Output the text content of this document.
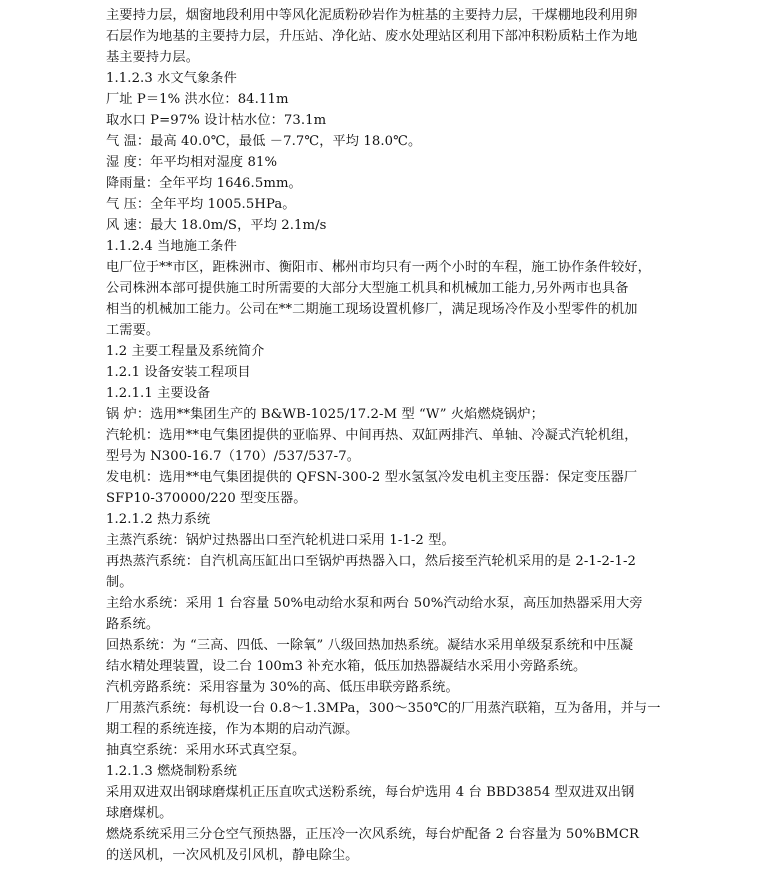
主要持力层，烟窗地段利用中等风化泥质粉砂岩作为桩基的主要持力层，干煤棚地段利用卵
石层作为地基的主要持力层，升压站、净化站、废水处理站区利用下部冲积粉质粘土作为地
基主要持力层。
1.1.2.3 水文气象条件
厂址 P＝1% 洪水位：84.11m
取水口 P=97% 设计枯水位：73.1m
气 温：最高 40.0℃，最低 －7.7℃，平均 18.0℃。
湿 度：年平均相对湿度 81%
降雨量：全年平均 1646.5mm。
气 压：全年平均 1005.5HPa。
风 速：最大 18.0m/S，平均 2.1m/s
1.1.2.4 当地施工条件
电厂位于**市区，距株洲市、衡阳市、郴州市均只有一两个小时的车程，施工协作条件较好，
公司株洲本部可提供施工时所需要的大部分大型施工机具和机械加工能力,另外两市也具备
相当的机械加工能力。公司在**二期施工现场设置机修厂，满足现场冷作及小型零件的机加
工需要。
1.2 主要工程量及系统简介
1.2.1 设备安装工程项目
1.2.1.1 主要设备
锅 炉：选用**集团生产的 B&WB-1025/17.2-M 型 “W” 火焰燃烧锅炉；
汽轮机：选用**电气集团提供的亚临界、中间再热、双缸两排汽、单轴、冷凝式汽轮机组，
型号为 N300-16.7（170）/537/537-7。
发电机：选用**电气集团提供的 QFSN-300-2 型水氢氢冷发电机主变压器：保定变压器厂
SFP10-370000/220 型变压器。
1.2.1.2 热力系统
主蒸汽系统：锅炉过热器出口至汽轮机进口采用 1-1-2 型。
再热蒸汽系统：自汽机高压缸出口至锅炉再热器入口，然后接至汽轮机采用的是 2-1-2-1-2
制。
主给水系统：采用 1 台容量 50%电动给水泵和两台 50%汽动给水泵，高压加热器采用大旁
路系统。
回热系统：为 “三高、四低、一除氧” 八级回热加热系统。凝结水采用单级泵系统和中压凝
结水精处理装置，设二台 100m3 补充水箱，低压加热器凝结水采用小旁路系统。
汽机旁路系统：采用容量为 30%的高、低压串联旁路系统。
厂用蒸汽系统：每机设一台 0.8～1.3MPa，300～350℃的厂用蒸汽联箱，互为备用，并与一
期工程的系统连接，作为本期的启动汽源。
抽真空系统：采用水环式真空泵。
1.2.1.3 燃烧制粉系统
采用双进双出钢球磨煤机正压直吹式送粉系统，每台炉选用 4 台 BBD3854 型双进双出钢
球磨煤机。
燃烧系统采用三分仓空气预热器，正压冷一次风系统，每台炉配备 2 台容量为 50%BMCR
的送风机，一次风机及引风机，静电除尘。
